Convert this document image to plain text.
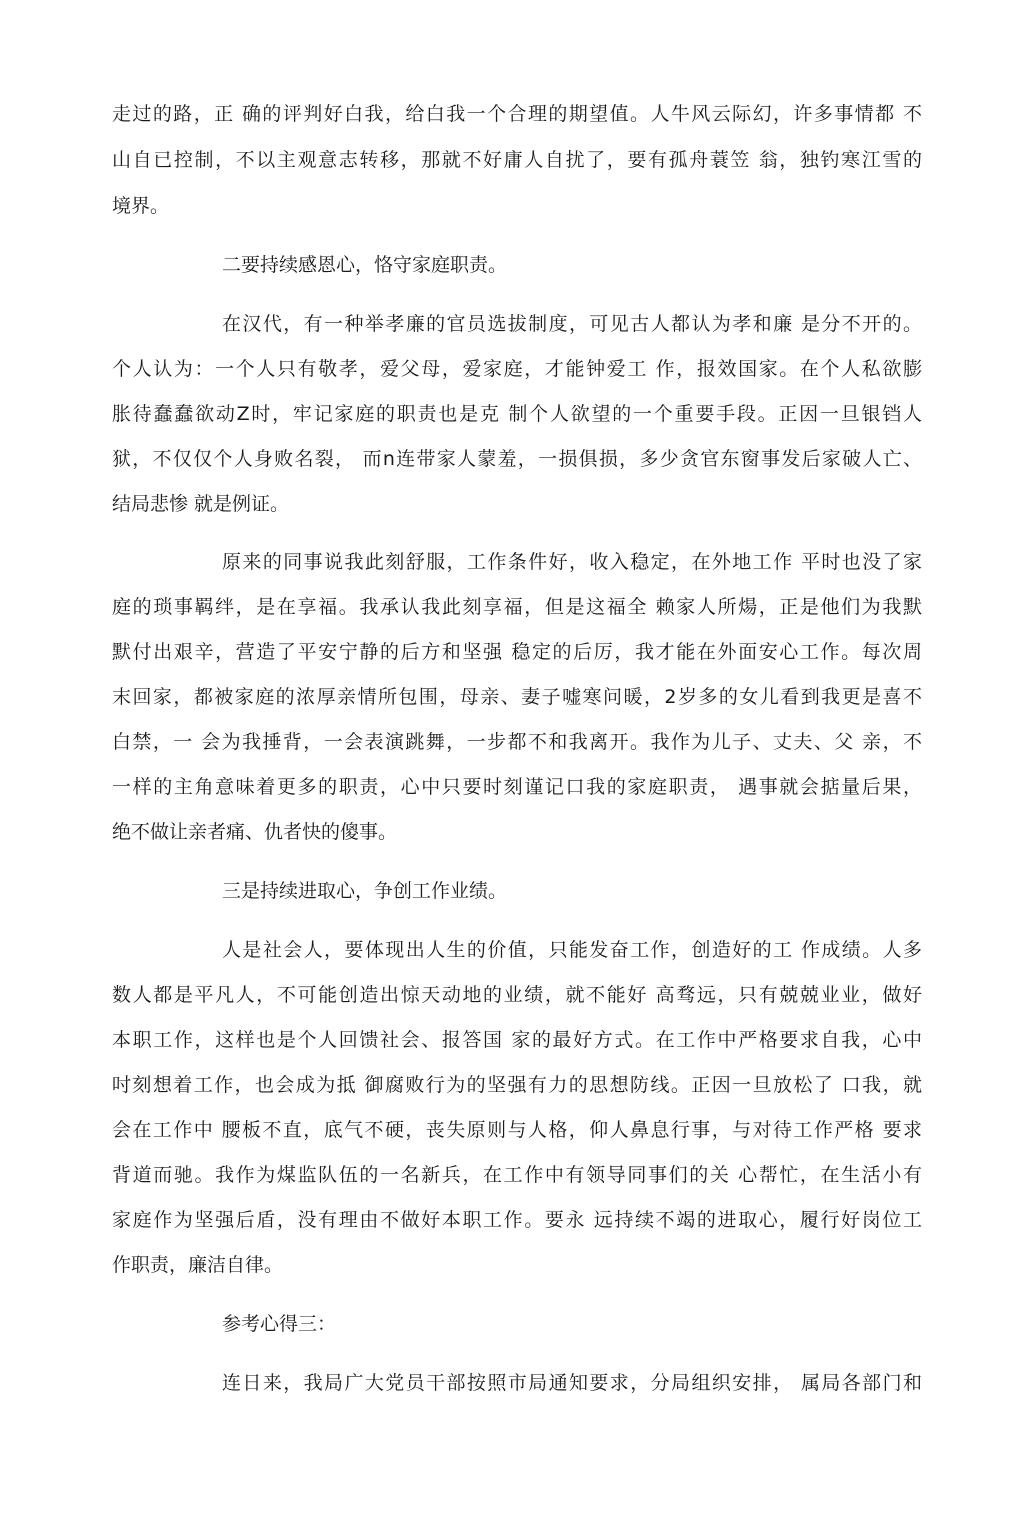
走过的路，正 确的评判好白我，给白我一个合理的期望值。人牛风云际幻，许多事情都 不
山自已控制，不以主观意志转移，那就不好庸人自扰了，要有孤舟蓑笠 翁，独钓寒江雪的
境界。
二要持续感恩心，恪守家庭职责。
在汉代，有一种举孝廉的官员选拔制度，可见古人都认为孝和廉 是分不开的。
个人认为：一个人只有敬孝，爱父母，爱家庭，才能钟爱工 作，报效国家。在个人私欲膨
胀待蠢蠢欲动Z时，牢记家庭的职责也是克 制个人欲望的一个重要手段。正因一旦银铛人
狱，不仅仅个人身败名裂， 而n连带家人蒙羞，一损俱损，多少贪官东窗事发后家破人亡、
结局悲惨 就是例证。
原来的同事说我此刻舒服，工作条件好，收入稳定，在外地工作 平时也没了家
庭的琐事羁绊，是在享福。我承认我此刻享福，但是这福全 赖家人所煬，正是他们为我默
默付出艰辛，营造了平安宁静的后方和坚强 稳定的后厉，我才能在外面安心工作。每次周
末回家，都被家庭的浓厚亲情所包围，母亲、妻子嘘寒问暖，2岁多的女儿看到我更是喜不
白禁，一 会为我捶背，一会表演跳舞，一步都不和我离开。我作为儿子、丈夫、父 亲，不
一样的主角意味着更多的职责，心中只要时刻谨记口我的家庭职责， 遇事就会掂量后果，
绝不做让亲者痛、仇者快的傻事。
三是持续进取心，争创工作业绩。
人是社会人，要体现出人生的价值，只能发奋工作，创造好的工 作成绩。人多
数人都是平凡人，不可能创造出惊天动地的业绩，就不能好 高骛远，只有兢兢业业，做好
本职工作，这样也是个人回馈社会、报答国 家的最好方式。在工作中严格要求自我，心中
吋刻想着工作，也会成为抵 御腐败行为的坚强有力的思想防线。正因一旦放松了 口我，就
会在工作中 腰板不直，底气不硬，丧失原则与人格，仰人鼻息行事，与对待工作严格 要求
背道而驰。我作为煤监队伍的一名新兵，在工作中有领导同事们的关 心帮忙，在生活小有
家庭作为坚强后盾，没有理由不做好本职工作。要永 远持续不竭的进取心，履行好岗位工
作职责，廉洁自律。
参考心得三：
连日来，我局广大党员干部按照市局通知要求，分局组织安排， 属局各部门和
